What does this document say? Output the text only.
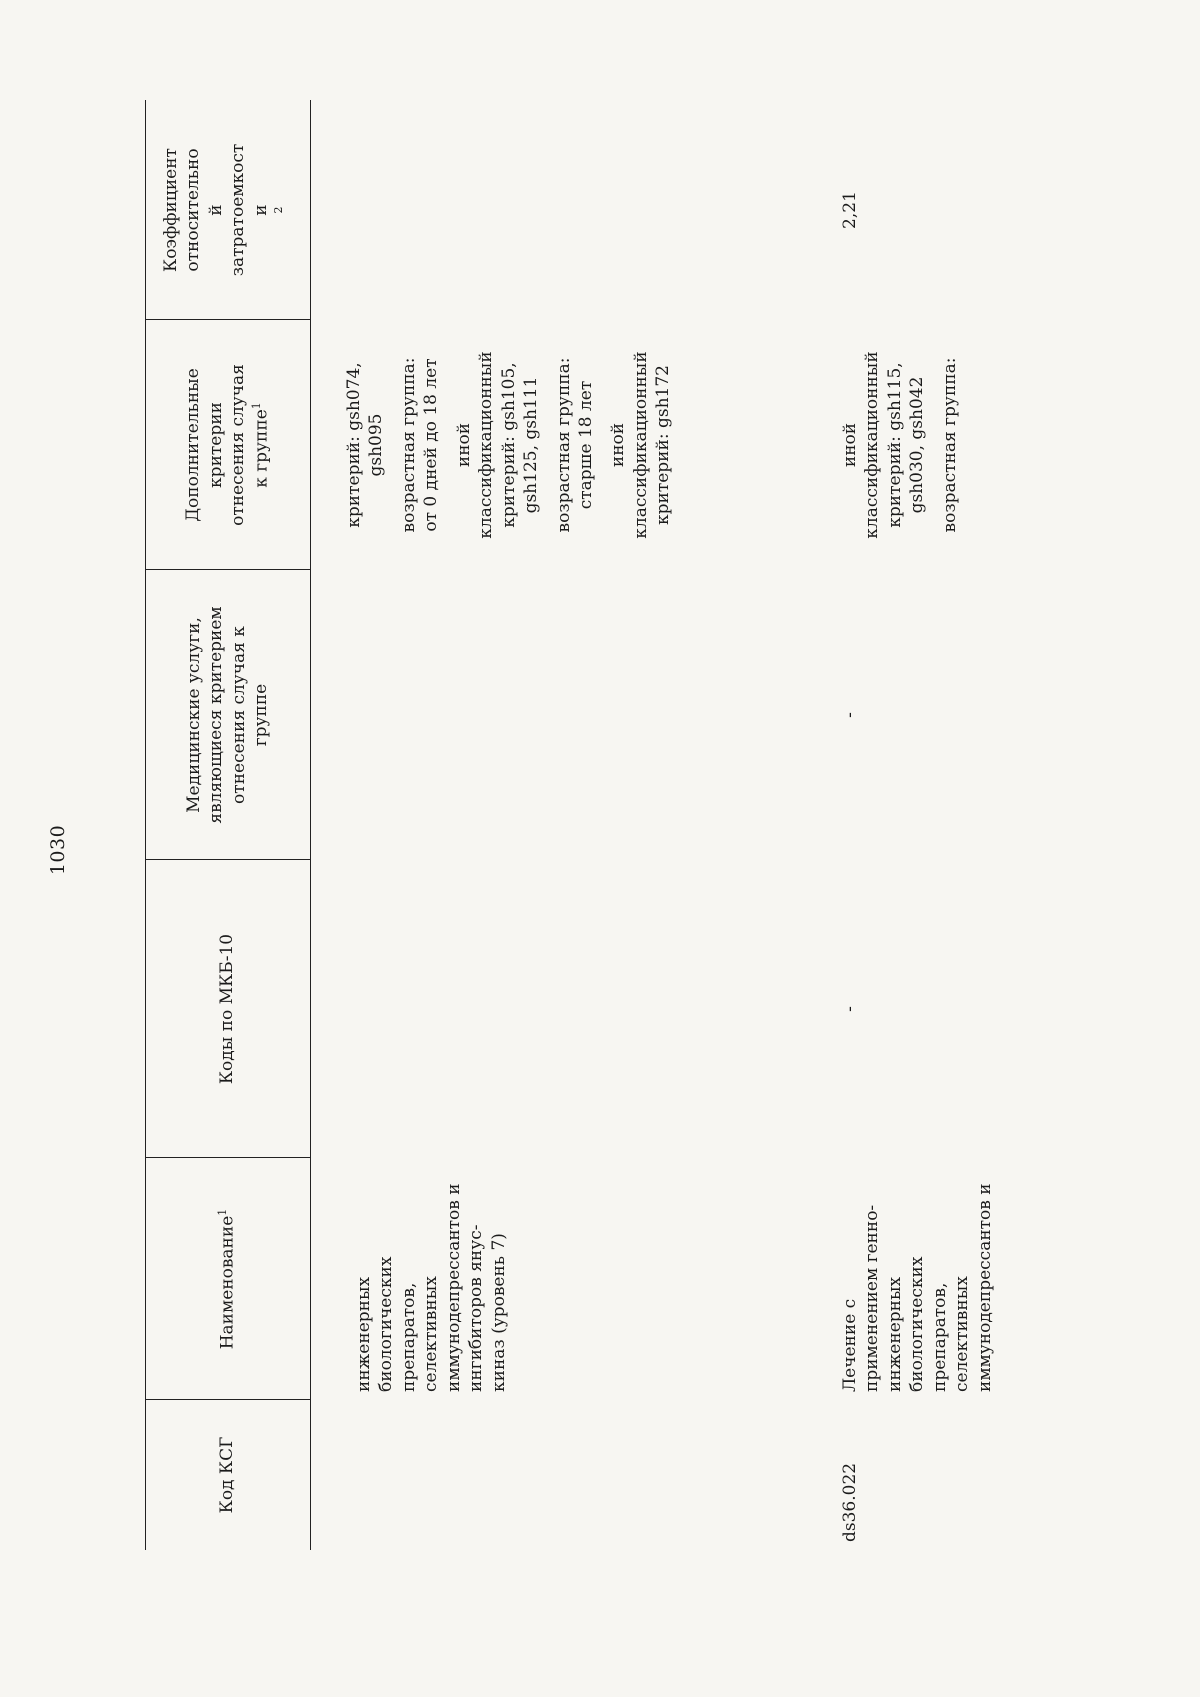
1030
Код КСГ
Наименование$^1$
Коды по МКБ-10
Медицинские услуги, являющиеся критерием отнесения случая к группе
Дополнительные критерии отнесения случая к группе$^1$
Коэффициент относительно й затратоемкост и $^2$
инженерных биологических препаратов, селективных иммунодепрессантов и ингибиторов янус- киназ (уровень 7)
критерий: gsh074, gsh095 возрастная группа: от 0 дней до 18 лет иной классификационный критерий: gsh105, gsh125, gsh111 возрастная группа: старше 18 лет иной классификационный критерий: gsh172
ds36.022
Лечение с применением генно- инженерных биологических препаратов, селективных иммунодепрессантов и
-
-
иной классификационный критерий: gsh115, gsh030, gsh042 возрастная группа:
2,21
